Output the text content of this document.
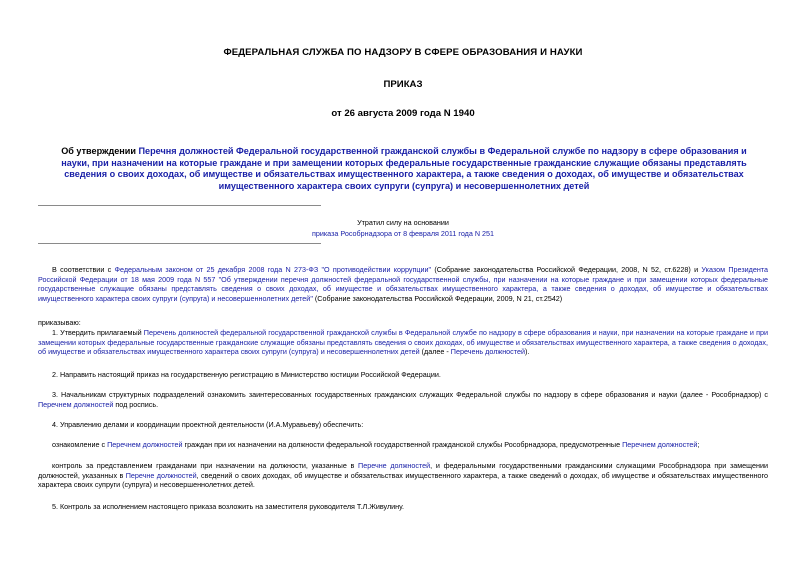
ФЕДЕРАЛЬНАЯ СЛУЖБА ПО НАДЗОРУ В СФЕРЕ ОБРАЗОВАНИЯ И НАУКИ
ПРИКАЗ
от 26 августа 2009 года N 1940
Об утверждении Перечня должностей Федеральной государственной гражданской службы в Федеральной службе по надзору в сфере образования и науки, при назначении на которые граждане и при замещении которых федеральные государственные гражданские служащие обязаны представлять сведения о своих доходах, об имуществе и обязательствах имущественного характера, а также сведения о доходах, об имуществе и обязательствах имущественного характера своих супруги (супруга) и несовершеннолетних детей
Утратил силу на основании
приказа Рособрнадзора от 8 февраля 2011 года N 251
В соответствии с Федеральным законом от 25 декабря 2008 года N 273-ФЗ "О противодействии коррупции" (Собрание законодательства Российской Федерации, 2008, N 52, ст.6228) и Указом Президента Российской Федерации от 18 мая 2009 года N 557 "Об утверждении перечня должностей федеральной государственной службы, при назначении на которые граждане и при замещении которых федеральные государственные служащие обязаны представлять сведения о своих доходах, об имуществе и обязательствах имущественного характера, а также сведения о доходах, об имуществе и обязательствах имущественного характера своих супруги (супруга) и несовершеннолетних детей" (Собрание законодательства Российской Федерации, 2009, N 21, ст.2542)
приказываю:
1. Утвердить прилагаемый Перечень должностей федеральной государственной гражданской службы в Федеральной службе по надзору в сфере образования и науки, при назначении на которые граждане и при замещении которых федеральные государственные гражданские служащие обязаны представлять сведения о своих доходах, об имуществе и обязательствах имущественного характера, а также сведения о доходах, об имуществе и обязательствах имущественного характера своих супруги (супруга) и несовершеннолетних детей (далее - Перечень должностей).
2. Направить настоящий приказ на государственную регистрацию в Министерство юстиции Российской Федерации.
3. Начальникам структурных подразделений ознакомить заинтересованных государственных гражданских служащих Федеральной службы по надзору в сфере образования и науки (далее - Рособрнадзор) с Перечнем должностей под роспись.
4. Управлению делами и координации проектной деятельности (И.А.Муравьеву) обеспечить:
ознакомление с Перечнем должностей граждан при их назначении на должности федеральной государственной гражданской службы Рособрнадзора, предусмотренные Перечнем должностей;
контроль за представлением гражданами при назначении на должности, указанные в Перечне должностей, и федеральными государственными гражданскими служащими Рособрнадзора при замещении должностей, указанных в Перечне должностей, сведений о своих доходах, об имуществе и обязательствах имущественного характера, а также сведений о доходах, об имуществе и обязательствах имущественного характера своих супруги (супруга) и несовершеннолетних детей.
5. Контроль за исполнением настоящего приказа возложить на заместителя руководителя Т.Л.Живулину.
